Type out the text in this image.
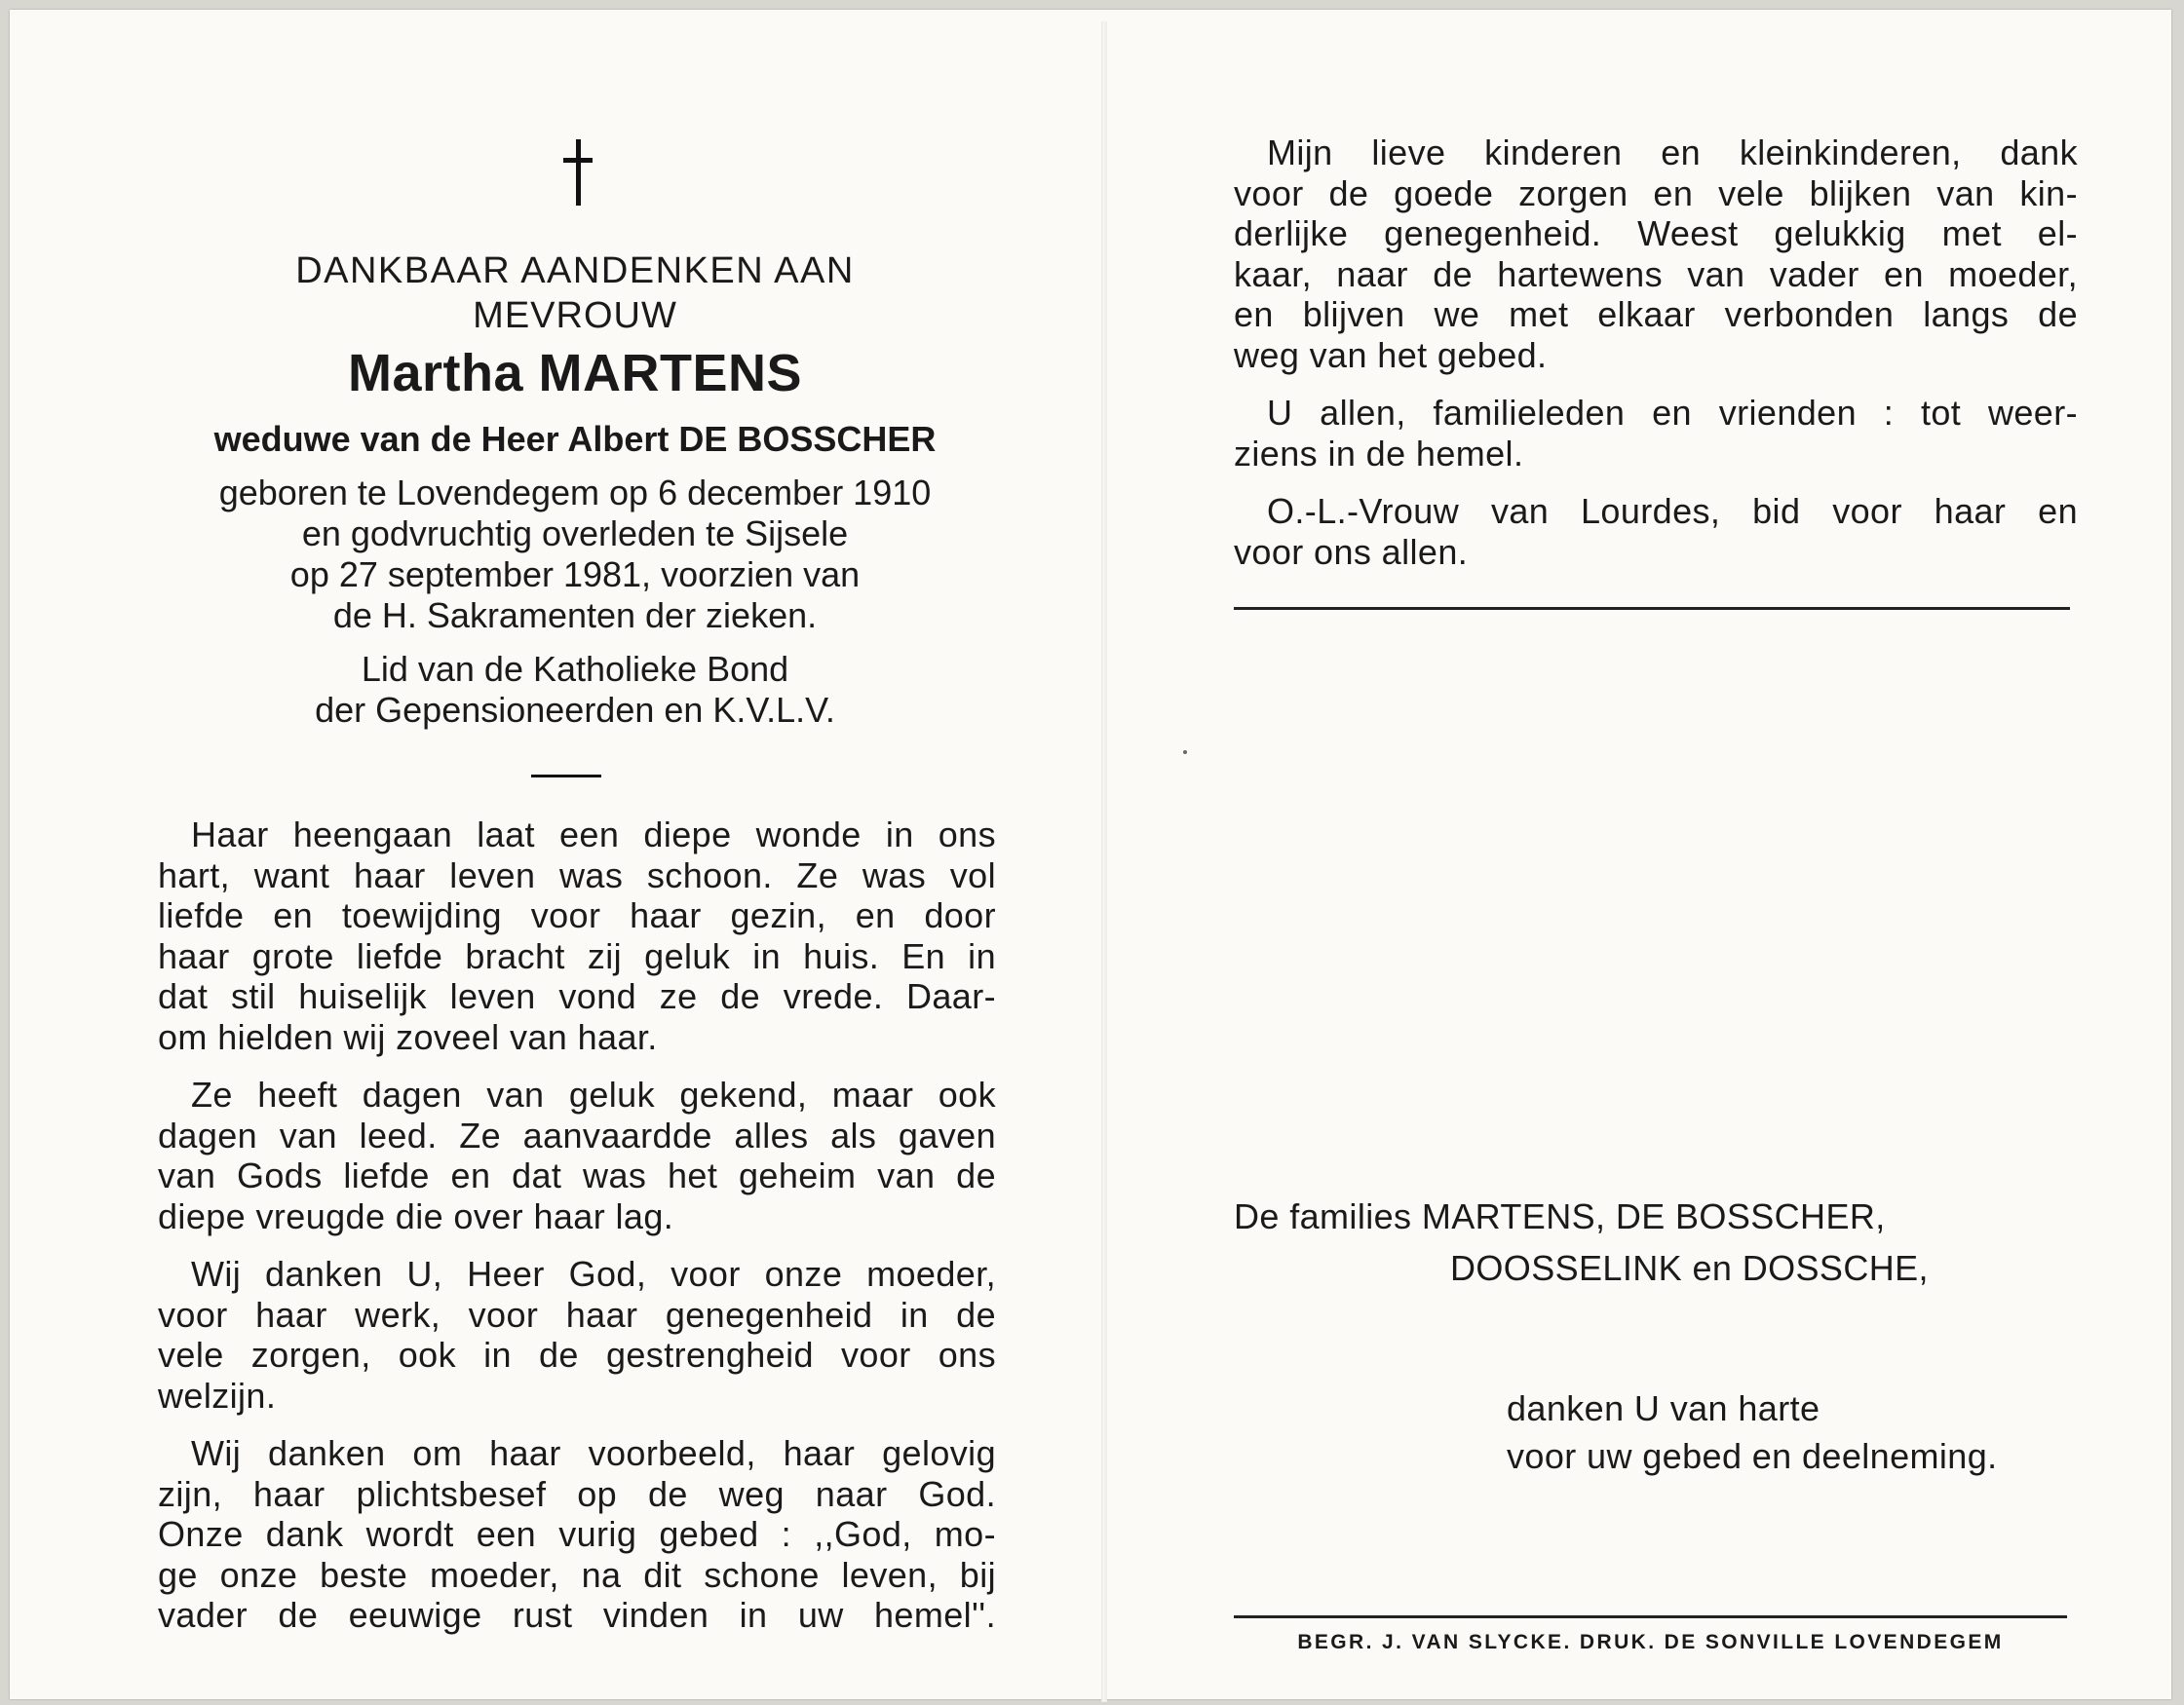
DANKBAAR AANDENKEN AAN
MEVROUW
Martha MARTENS
weduwe van de Heer Albert DE BOSSCHER
geboren te Lovendegem op 6 december 1910
en godvruchtig overleden te Sijsele
op 27 september 1981, voorzien van
de H. Sakramenten der zieken.
Lid van de Katholieke Bond
der Gepensioneerden en K.V.L.V.
Haar heengaan laat een diepe wonde in ons
hart, want haar leven was schoon. Ze was vol
liefde en toewijding voor haar gezin, en door
haar grote liefde bracht zij geluk in huis. En in
dat stil huiselijk leven vond ze de vrede. Daar-
om hielden wij zoveel van haar.
Ze heeft dagen van geluk gekend, maar ook
dagen van leed. Ze aanvaardde alles als gaven
van Gods liefde en dat was het geheim van de
diepe vreugde die over haar lag.
Wij danken U, Heer God, voor onze moeder,
voor haar werk, voor haar genegenheid in de
vele zorgen, ook in de gestrengheid voor ons
welzijn.
Wij danken om haar voorbeeld, haar gelovig
zijn, haar plichtsbesef op de weg naar God.
Onze dank wordt een vurig gebed : ,,God, mo-
ge onze beste moeder, na dit schone leven, bij
vader de eeuwige rust vinden in uw hemel''.
Mijn lieve kinderen en kleinkinderen, dank
voor de goede zorgen en vele blijken van kin-
derlijke genegenheid. Weest gelukkig met el-
kaar, naar de hartewens van vader en moeder,
en blijven we met elkaar verbonden langs de
weg van het gebed.
U allen, familieleden en vrienden : tot weer-
ziens in de hemel.
O.-L.-Vrouw van Lourdes, bid voor haar en
voor ons allen.
De families MARTENS, DE BOSSCHER,
DOOSSELINK en DOSSCHE,
danken U van harte
voor uw gebed en deelneming.
BEGR. J. VAN SLYCKE. DRUK. DE SONVILLE LOVENDEGEM
